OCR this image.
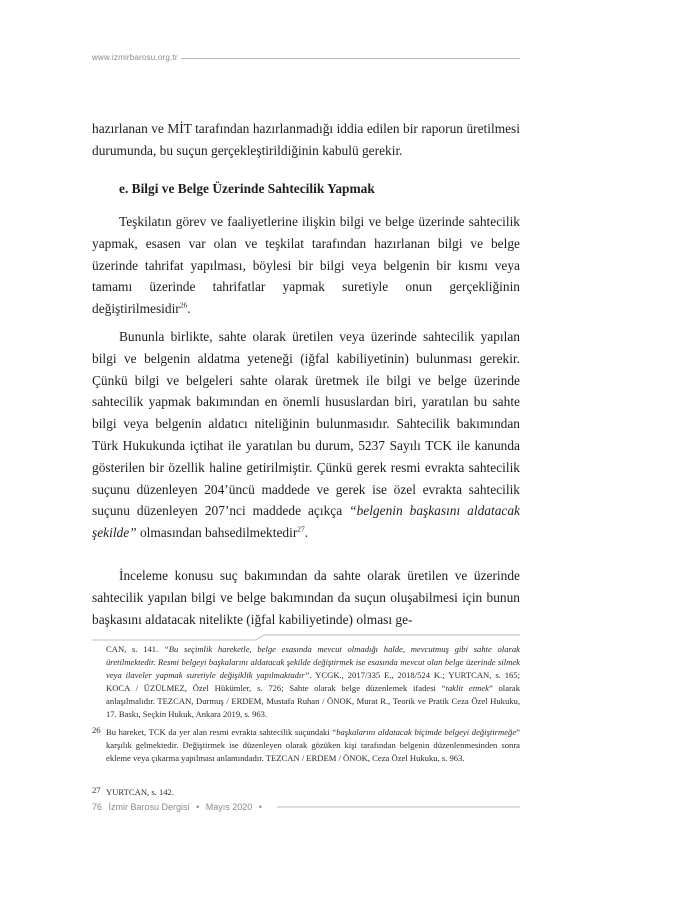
www.izmirbarosu.org.tr

hazırlanan ve MİT tarafından hazırlanmadığı iddia edilen bir raporun üretilmesi durumunda, bu suçun gerçekleştirildiğinin kabulü gerekir.

e. Bilgi ve Belge Üzerinde Sahtecilik Yapmak

Teşkilatın görev ve faaliyetlerine ilişkin bilgi ve belge üzerinde sahtecilik yapmak, esasen var olan ve teşkilat tarafından hazırlanan bilgi ve belge üzerinde tahrifat yapılması, böylesi bir bilgi veya belgenin bir kısmı veya tamamı üzerinde tahrifatlar yapmak suretiyle onun gerçekliğinin değiştirilmesidir$^{26}$.

Bununla birlikte, sahte olarak üretilen veya üzerinde sahtecilik yapılan bilgi ve belgenin aldatma yeteneği (iğfal kabiliyetinin) bulunması gerekir. Çünkü bilgi ve belgeleri sahte olarak üretmek ile bilgi ve belge üzerinde sahtecilik yapmak bakımından en önemli hususlardan biri, yaratılan bu sahte bilgi veya belgenin aldatıcı niteliğinin bulunmasıdır. Sahtecilik bakımından Türk Hukukunda içtihat ile yaratılan bu durum, 5237 Sayılı TCK ile kanunda gösterilen bir özellik haline getirilmiştir. Çünkü gerek resmi evrakta sahtecilik suçunu düzenleyen 204’üncü maddede ve gerek ise özel evrakta sahtecilik suçunu düzenleyen 207’nci maddede açıkça “belgenin başkasını aldatacak şekilde” olmasından bahsedilmektedir$^{27}$.

İnceleme konusu suç bakımından da sahte olarak üretilen ve üzerinde sahtecilik yapılan bilgi ve belge bakımından da suçun oluşabilmesi için bunun başkasını aldatacak nitelikte (iğfal kabiliyetinde) olması ge-

CAN, s. 141. “Bu seçimlik hareketle, belge esasında mevcut olmadığı halde, mevcutmuş gibi sahte olarak üretilmektedir. Resmi belgeyi başkalarını aldatacak şekilde değiştirmek ise esasında mevcut olan belge üzerinde silmek veya ilaveler yapmak suretiyle değişiklik yapılmaktadır”. YCGK., 2017/335 E., 2018/524 K.; YURTCAN, s. 165; KOCA / ÜZÜLMEZ, Özel Hükümler, s. 726; Sahte olarak belge düzenlemek ifadesi “taklit etmek” olarak anlaşılmalıdır. TEZCAN, Durmuş / ERDEM, Mustafa Ruhan / ÖNOK, Murat R., Teorik ve Pratik Ceza Özel Hukuku, 17. Baskı, Seçkin Hukuk, Ankara 2019, s. 963.
26 Bu hareket, TCK da yer alan resmi evrakta sahtecilik suçundaki “başkalarını aldatacak biçimde belgeyi değiştirmeğe” karşılık gelmektedir. Değiştirmek ise düzenleyen olarak gözüken kişi tarafından belgenin düzenlenmesinden sonra ekleme veya çıkarma yapılması anlamındadır. TEZCAN / ERDEM / ÖNOK, Ceza Özel Hukuku, s. 963.
27 YURTCAN, s. 142.
76 İzmir Barosu Dergisi • Mayıs 2020 •
